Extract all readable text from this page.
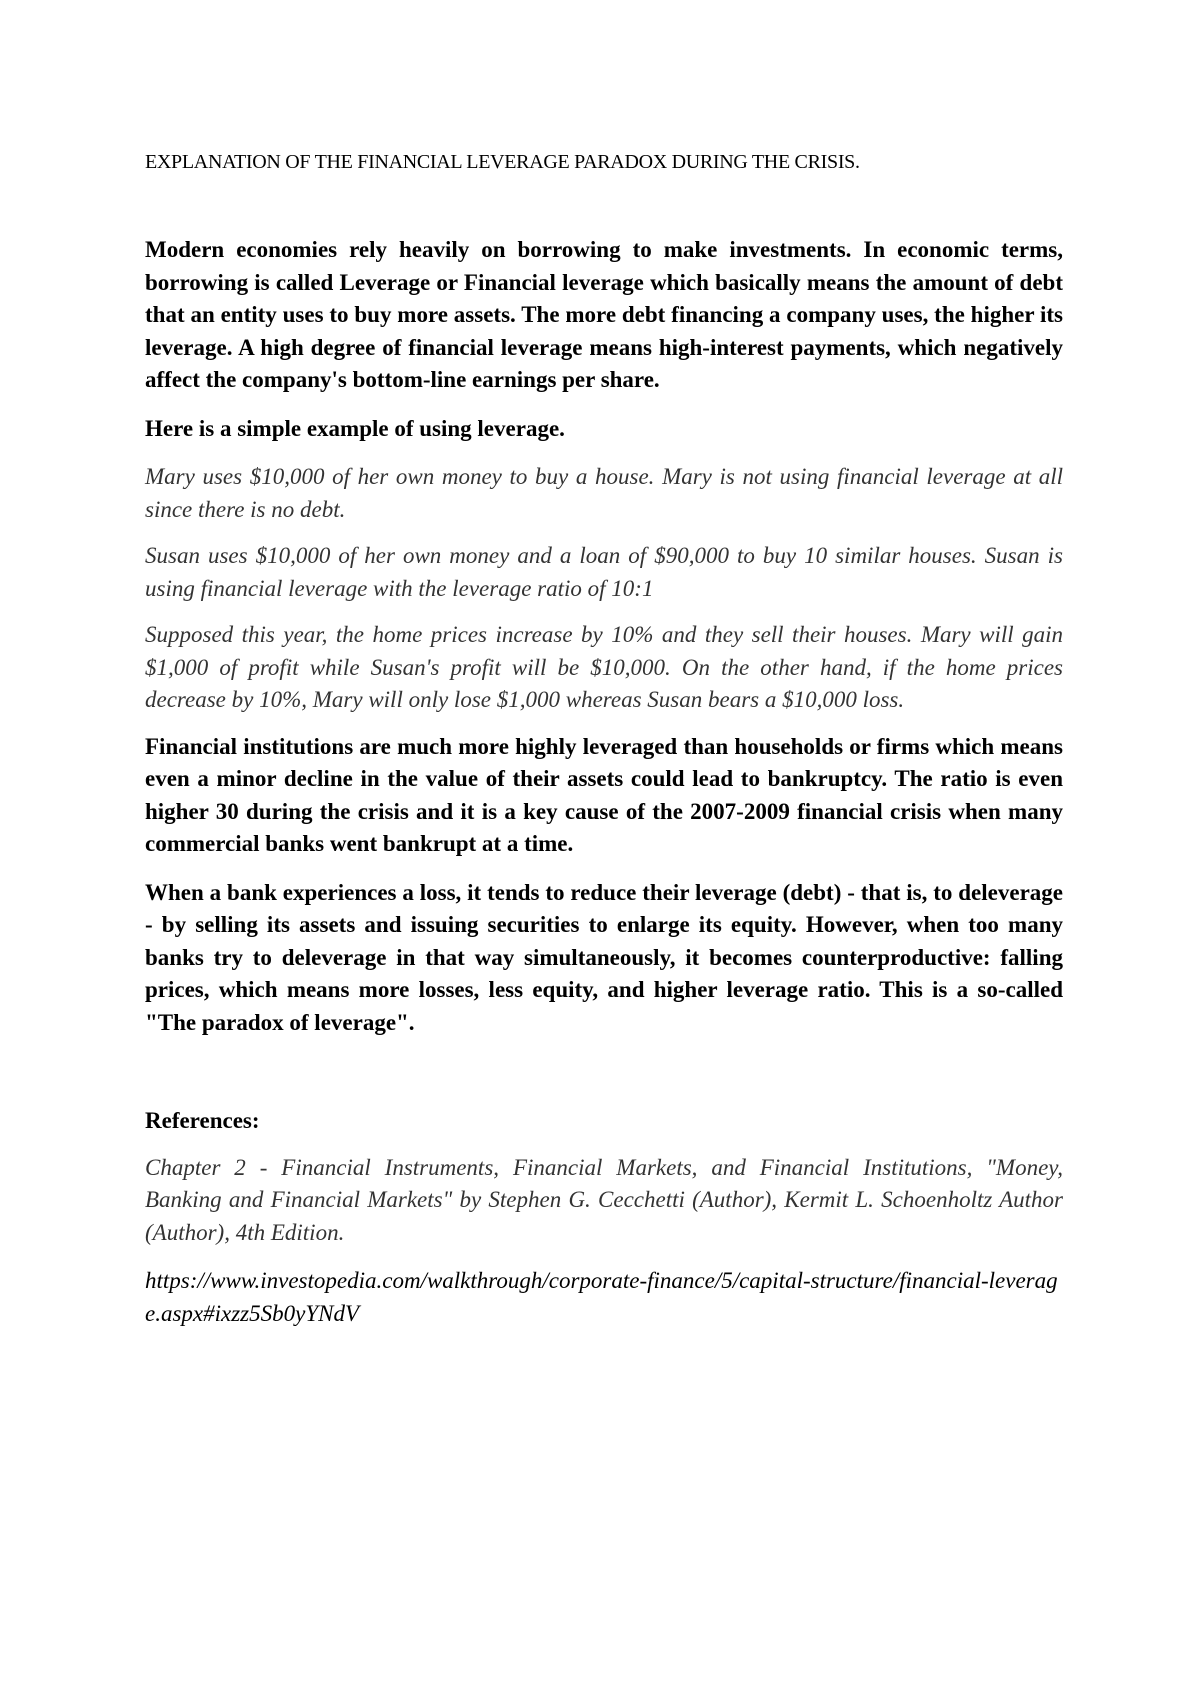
EXPLANATION OF THE FINANCIAL LEVERAGE PARADOX DURING THE CRISIS.

Modern economies rely heavily on borrowing to make investments. In economic terms, borrowing is called Leverage or Financial leverage which basically means the amount of debt that an entity uses to buy more assets. The more debt financing a company uses, the higher its leverage. A high degree of financial leverage means high-interest payments, which negatively affect the company's bottom-line earnings per share.

Here is a simple example of using leverage.

Mary uses $10,000 of her own money to buy a house. Mary is not using financial leverage at all since there is no debt.

Susan uses $10,000 of her own money and a loan of $90,000 to buy 10 similar houses. Susan is using financial leverage with the leverage ratio of 10:1

Supposed this year, the home prices increase by 10% and they sell their houses. Mary will gain $1,000 of profit while Susan's profit will be $10,000. On the other hand, if the home prices decrease by 10%, Mary will only lose $1,000 whereas Susan bears a $10,000 loss.

Financial institutions are much more highly leveraged than households or firms which means even a minor decline in the value of their assets could lead to bankruptcy. The ratio is even higher 30 during the crisis and it is a key cause of the 2007-2009 financial crisis when many commercial banks went bankrupt at a time.

When a bank experiences a loss, it tends to reduce their leverage (debt) - that is, to deleverage - by selling its assets and issuing securities to enlarge its equity. However, when too many banks try to deleverage in that way simultaneously, it becomes counterproductive: falling prices, which means more losses, less equity, and higher leverage ratio. This is a so-called "The paradox of leverage".

References:

Chapter 2 - Financial Instruments, Financial Markets, and Financial Institutions, "Money, Banking and Financial Markets" by Stephen G. Cecchetti (Author), Kermit L. Schoenholtz Author (Author), 4th Edition.

https://www.investopedia.com/walkthrough/corporate-finance/5/capital-structure/financial-leverage.aspx#ixzz5Sb0yYNdV
